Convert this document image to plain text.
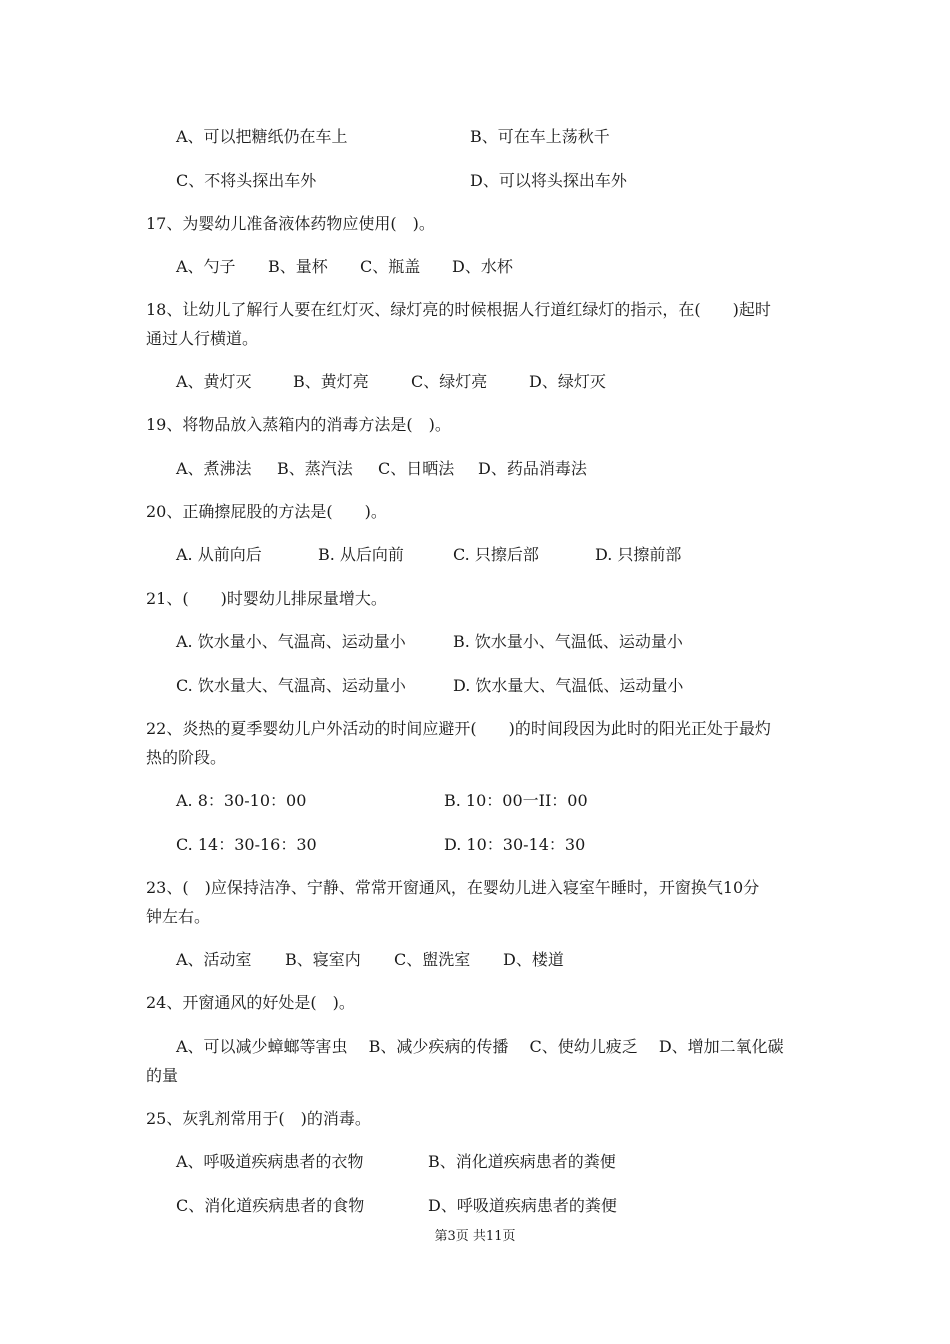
A、可以把糖纸仍在车上	B、可在车上荡秋千
C、不将头探出车外	D、可以将头探出车外
17、为婴幼儿准备液体药物应使用(　)。
A、勺子 B、量杯 C、瓶盖 D、水杯
18、让幼儿了解行人要在红灯灭、绿灯亮的时候根据人行道红绿灯的指示，在(　　)起时
通过人行横道。
A、黄灯灭	B、黄灯亮	C、绿灯亮	D、绿灯灭
19、将物品放入蒸箱内的消毒方法是(　)。
A、煮沸法 B、蒸汽法 C、日晒法 D、药品消毒法
20、正确擦屁股的方法是(　　)。
A. 从前向后	B. 从后向前	C. 只擦后部	D. 只擦前部
21、(　　)时婴幼儿排尿量增大。
A. 饮水量小、气温高、运动量小	B. 饮水量小、气温低、运动量小
C. 饮水量大、气温高、运动量小	D. 饮水量大、气温低、运动量小
22、炎热的夏季婴幼儿户外活动的时间应避开(　　)的时间段因为此时的阳光正处于最灼
热的阶段。
A. 8：30-10：00	B. 10：00一II：00
C. 14：30-16：30	D. 10：30-14：30
23、(　)应保持洁净、宁静、常常开窗通风，在婴幼儿进入寝室午睡时，开窗换气10分
钟左右。
A、活动室 B、寝室内 C、盥洗室 D、楼道
24、开窗通风的好处是(　)。
A、可以减少蟑螂等害虫　 B、减少疾病的传播　 C、使幼儿疲乏　 D、增加二氧化碳
的量
25、灰乳剂常用于(　)的消毒。
A、呼吸道疾病患者的衣物	B、消化道疾病患者的粪便
C、消化道疾病患者的食物	D、呼吸道疾病患者的粪便
第3页 共11页
